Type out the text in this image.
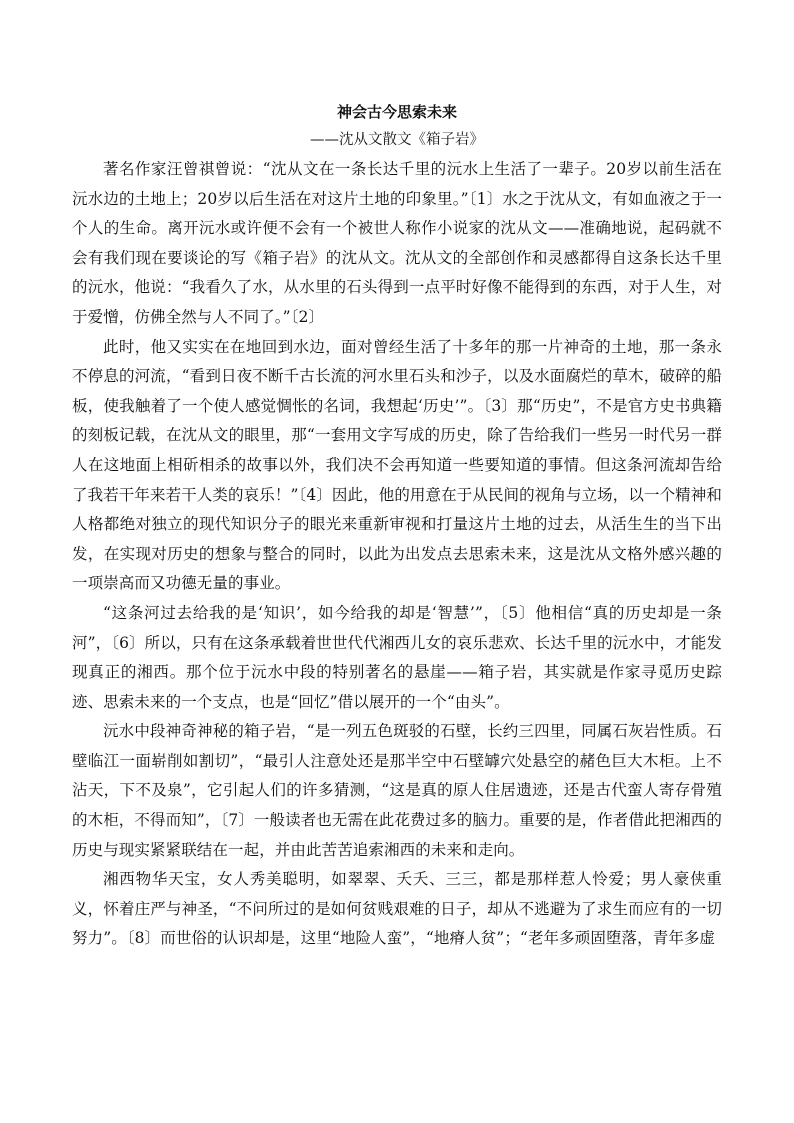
神会古今思索未来

——沈从文散文《箱子岩》

著名作家汪曾祺曾说：“沈从文在一条长达千里的沅水上生活了一辈子。20岁以前生活在沅水边的土地上；20岁以后生活在对这片土地的印象里。”〔1〕水之于沈从文，有如血液之于一个人的生命。离开沅水或许便不会有一个被世人称作小说家的沈从文——准确地说，起码就不会有我们现在要谈论的写《箱子岩》的沈从文。沈从文的全部创作和灵感都得自这条长达千里的沅水，他说：“我看久了水，从水里的石头得到一点平时好像不能得到的东西，对于人生，对于爱憎，仿佛全然与人不同了。”〔2〕

此时，他又实实在在地回到水边，面对曾经生活了十多年的那一片神奇的土地，那一条永不停息的河流，“看到日夜不断千古长流的河水里石头和沙子，以及水面腐烂的草木，破碎的船板，使我触着了一个使人感觉惆怅的名词，我想起‘历史’”。〔3〕那“历史”，不是官方史书典籍的刻板记载，在沈从文的眼里，那“一套用文字写成的历史，除了告给我们一些另一时代另一群人在这地面上相斫相杀的故事以外，我们决不会再知道一些要知道的事情。但这条河流却告给了我若干年来若干人类的哀乐！”〔4〕因此，他的用意在于从民间的视角与立场，以一个精神和人格都绝对独立的现代知识分子的眼光来重新审视和打量这片土地的过去，从活生生的当下出发，在实现对历史的想象与整合的同时，以此为出发点去思索未来，这是沈从文格外感兴趣的一项崇高而又功德无量的事业。

“这条河过去给我的是‘知识’，如今给我的却是‘智慧’”，〔5〕他相信“真的历史却是一条河”，〔6〕所以，只有在这条承载着世世代代湘西儿女的哀乐悲欢、长达千里的沅水中，才能发现真正的湘西。那个位于沅水中段的特别著名的悬崖——箱子岩，其实就是作家寻觅历史踪迹、思索未来的一个支点，也是“回忆”借以展开的一个“由头”。

沅水中段神奇神秘的箱子岩，“是一列五色斑驳的石壁，长约三四里，同属石灰岩性质。石壁临江一面崭削如割切”，“最引人注意处还是那半空中石壁罅穴处悬空的赭色巨大木柜。上不沾天，下不及泉”，它引起人们的许多猜测，“这是真的原人住居遗迹，还是古代蛮人寄存骨殖的木柜，不得而知”，〔7〕一般读者也无需在此花费过多的脑力。重要的是，作者借此把湘西的历史与现实紧紧联结在一起，并由此苦苦追索湘西的未来和走向。

湘西物华天宝，女人秀美聪明，如翠翠、夭夭、三三，都是那样惹人怜爱；男人豪侠重义，怀着庄严与神圣，“不问所过的是如何贫贱艰难的日子，却从不逃避为了求生而应有的一切努力”。〔8〕而世俗的认识却是，这里“地险人蛮”，“地瘠人贫”；“老年多顽固堕落，青年多虚
